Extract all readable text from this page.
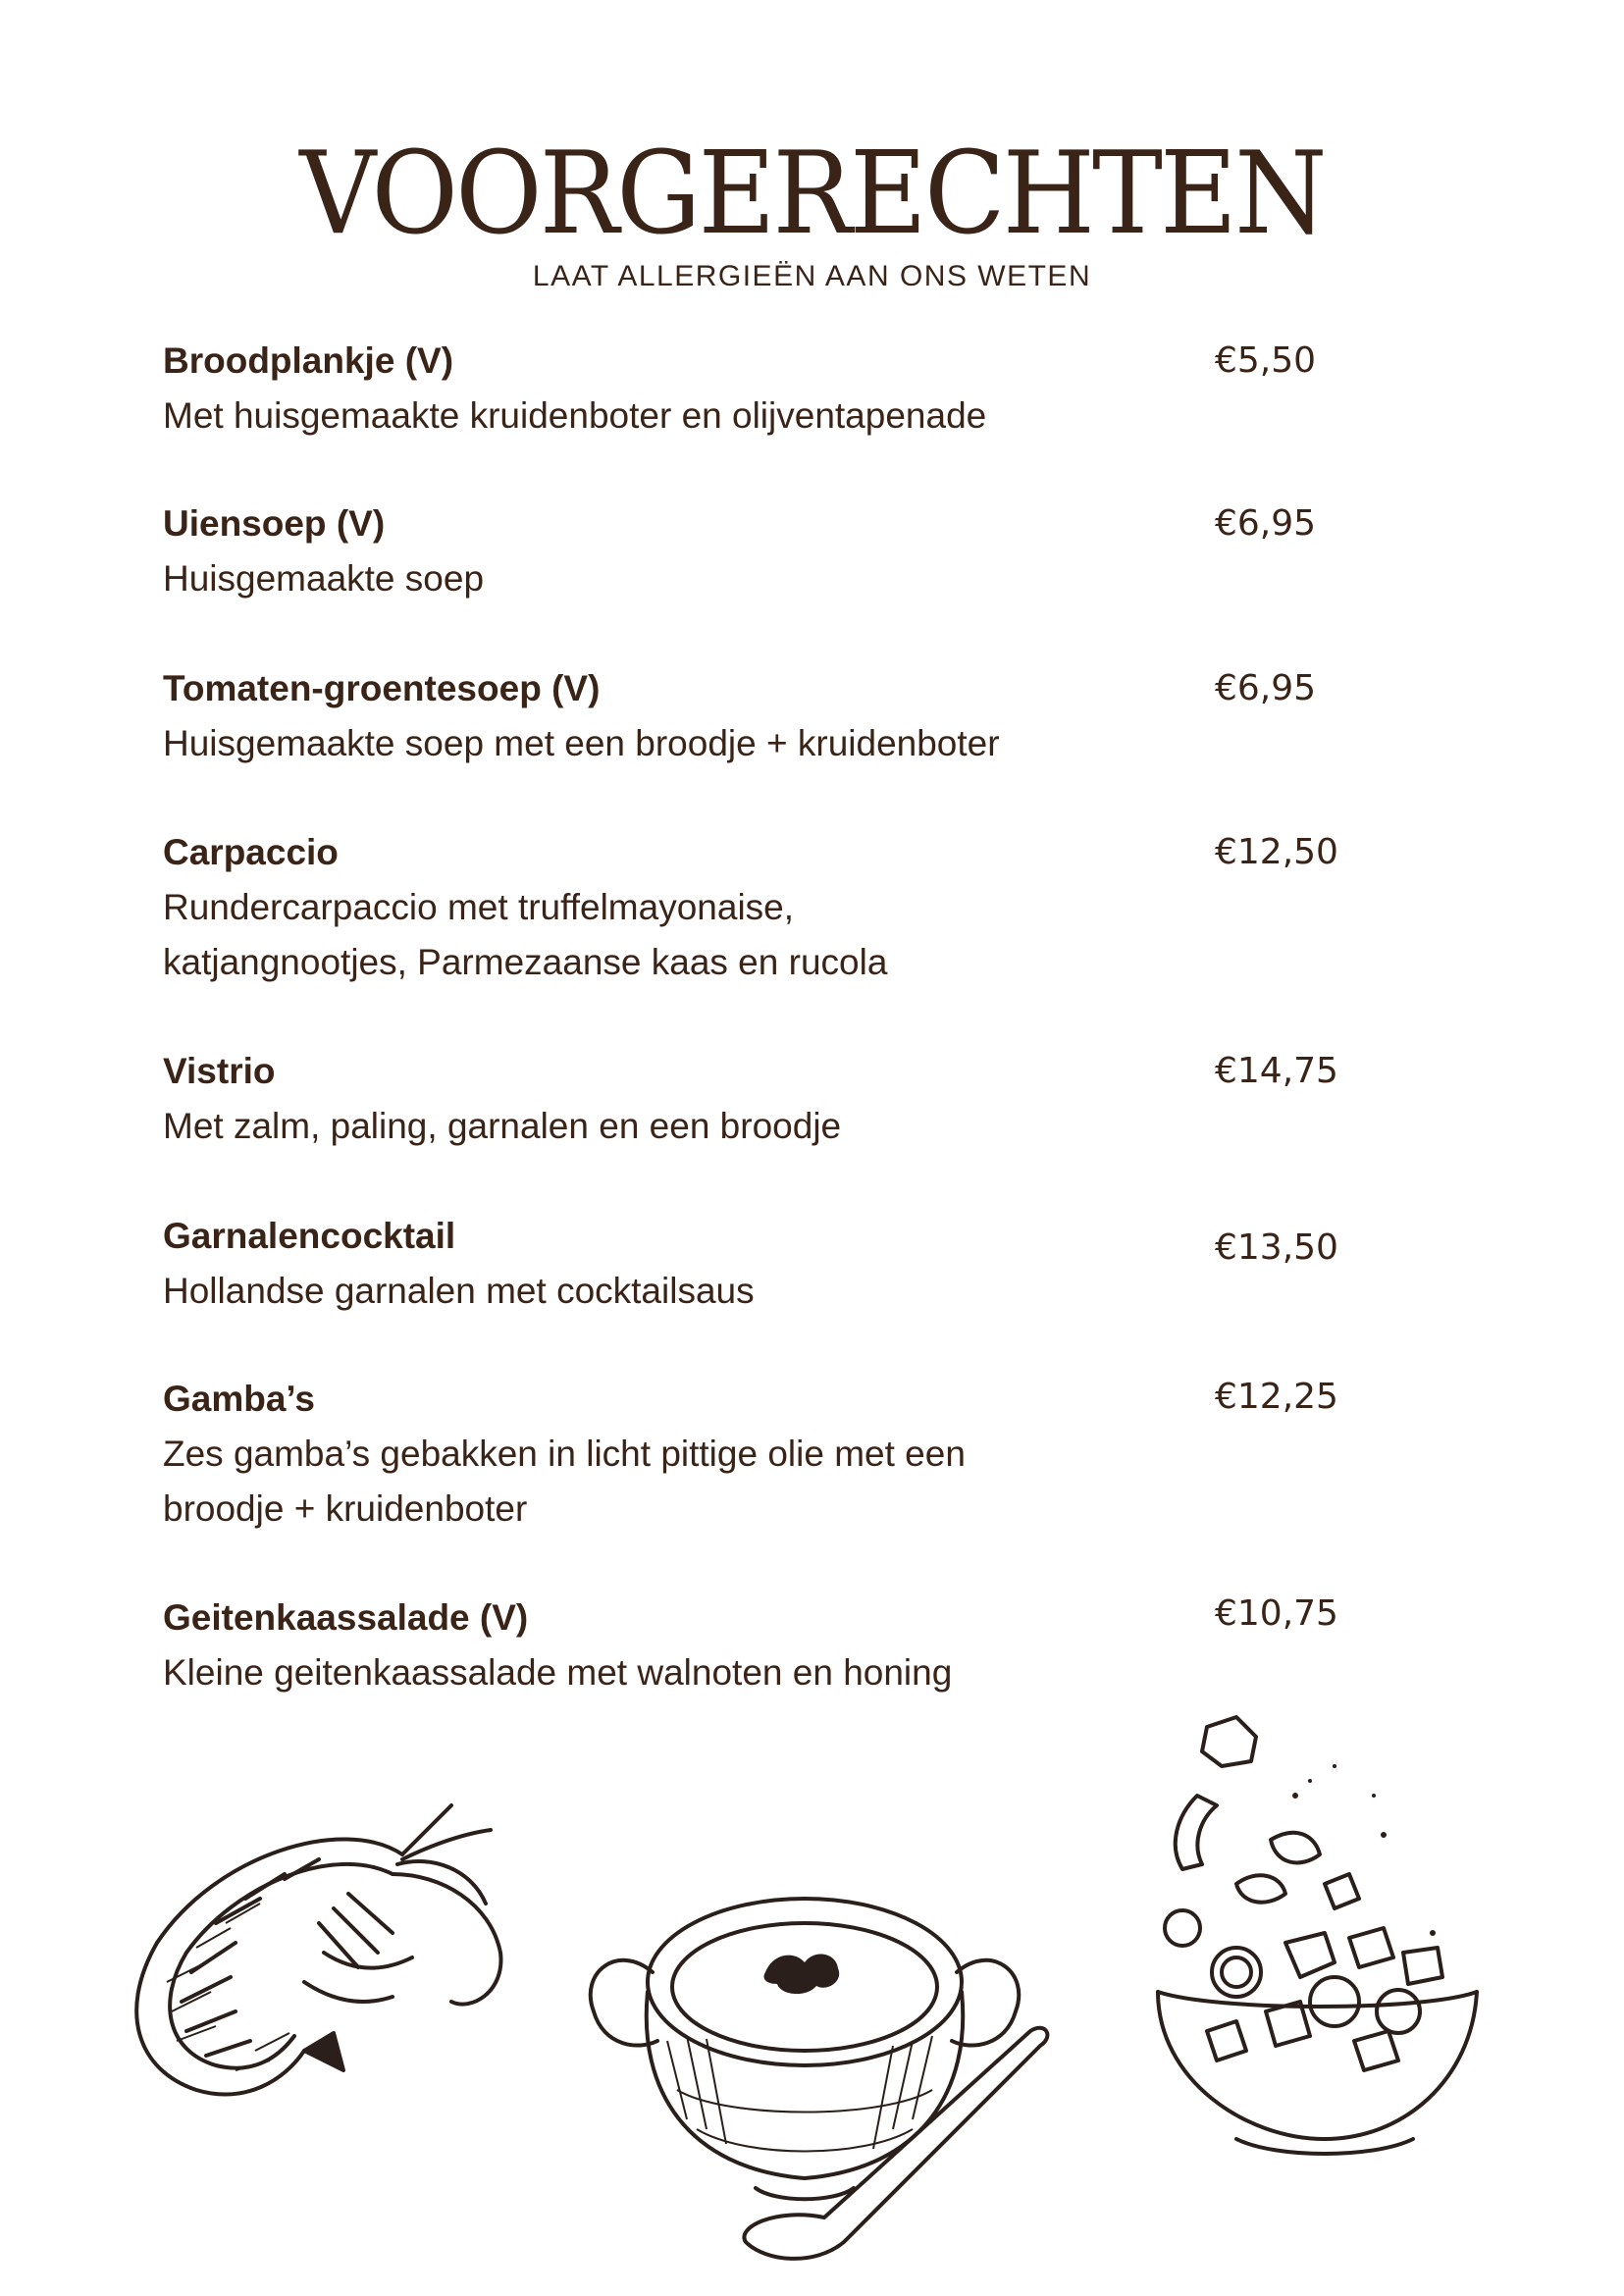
VOORGERECHTEN
LAAT ALLERGIEËN AAN ONS WETEN
Broodplankje (V)
Met huisgemaakte kruidenboter en olijventapenade
€5,50
Uiensoep (V)
Huisgemaakte soep
€6,95
Tomaten-groentesoep (V)
Huisgemaakte soep met een broodje + kruidenboter
€6,95
Carpaccio
Rundercarpaccio met truffelmayonaise,
katjangnootjes, Parmezaanse kaas en rucola
€12,50
Vistrio
Met zalm, paling, garnalen en een broodje
€14,75
Garnalencocktail
Hollandse garnalen met cocktailsaus
€13,50
Gamba’s
Zes gamba’s gebakken in licht pittige olie met een
broodje + kruidenboter
€12,25
Geitenkaassalade (V)
Kleine geitenkaassalade met walnoten en honing
€10,75
